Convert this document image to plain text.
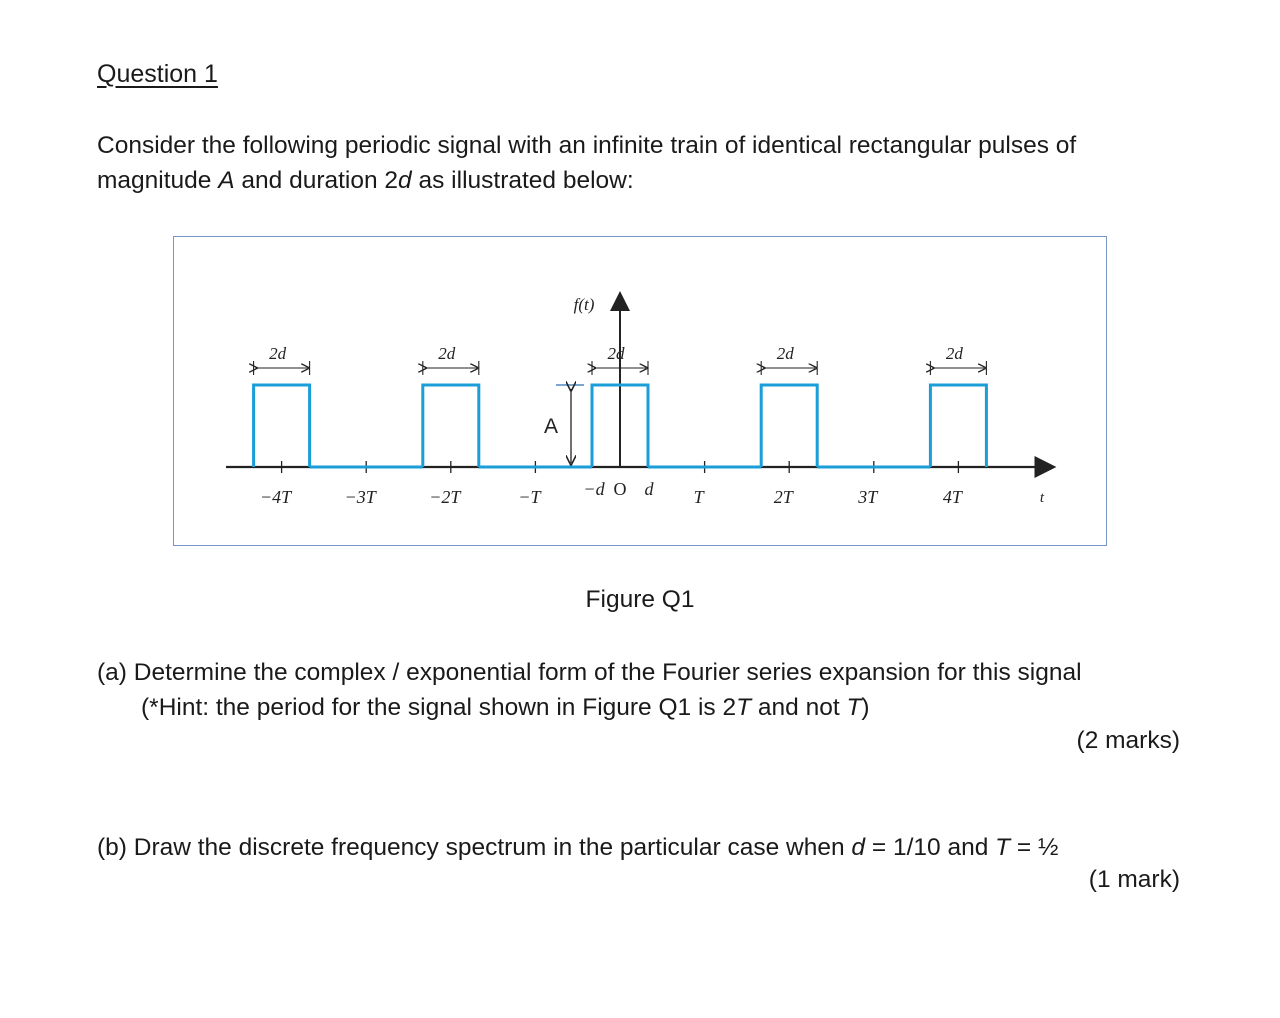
Question 1
Consider the following periodic signal with an infinite train of identical rectangular pulses of magnitude A and duration 2d as illustrated below:
2d	2d	2d	2d	2d
−4T	−3T	−2T	−T	T	2T	3T	4T
A
−d O d
f(t)
t
Figure Q1
(a) Determine the complex / exponential form of the Fourier series expansion for this signal
(*Hint: the period for the signal shown in Figure Q1 is 2T and not T)
(2 marks)
(b) Draw the discrete frequency spectrum in the particular case when d = 1/10 and T = ½
(1 mark)
